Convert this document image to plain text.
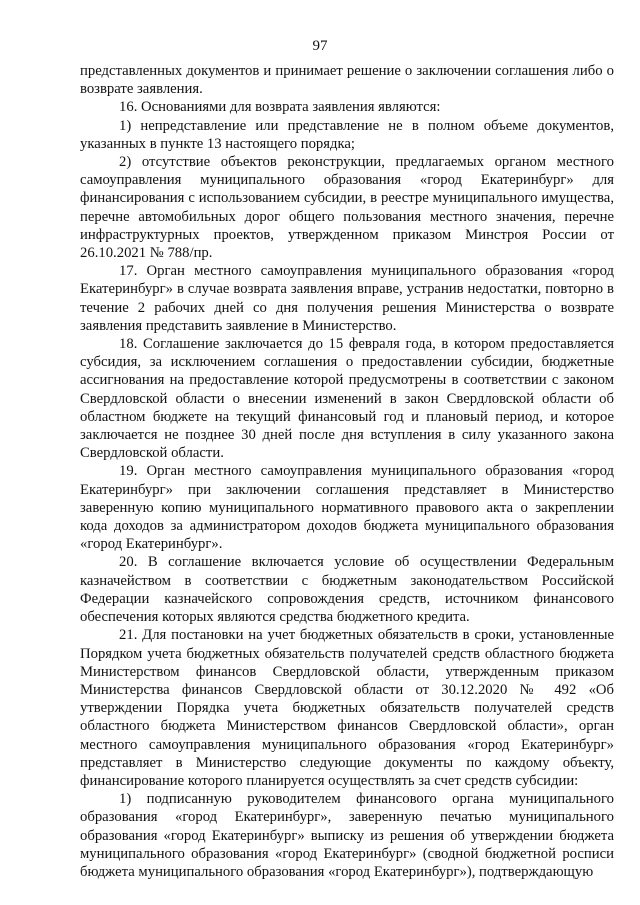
97

представленных документов и принимает решение о заключении соглашения либо о возврате заявления.

16. Основаниями для возврата заявления являются:

1) непредставление или представление не в полном объеме документов, указанных в пункте 13 настоящего порядка;

2) отсутствие объектов реконструкции, предлагаемых органом местного самоуправления муниципального образования «город Екатеринбург» для финансирования с использованием субсидии, в реестре муниципального имущества, перечне автомобильных дорог общего пользования местного значения, перечне инфраструктурных проектов, утвержденном приказом Минстроя России от 26.10.2021 № 788/пр.

17. Орган местного самоуправления муниципального образования «город Екатеринбург» в случае возврата заявления вправе, устранив недостатки, повторно в течение 2 рабочих дней со дня получения решения Министерства о возврате заявления представить заявление в Министерство.

18. Соглашение заключается до 15 февраля года, в котором предоставляется субсидия, за исключением соглашения о предоставлении субсидии, бюджетные ассигнования на предоставление которой предусмотрены в соответствии с законом Свердловской области о внесении изменений в закон Свердловской области об областном бюджете на текущий финансовый год и плановый период, и которое заключается не позднее 30 дней после дня вступления в силу указанного закона Свердловской области.

19. Орган местного самоуправления муниципального образования «город Екатеринбург» при заключении соглашения представляет в Министерство заверенную копию муниципального нормативного правового акта о закреплении кода доходов за администратором доходов бюджета муниципального образования «город Екатеринбург».

20. В соглашение включается условие об осуществлении Федеральным казначейством в соответствии с бюджетным законодательством Российской Федерации казначейского сопровождения средств, источником финансового обеспечения которых являются средства бюджетного кредита.

21. Для постановки на учет бюджетных обязательств в сроки, установленные Порядком учета бюджетных обязательств получателей средств областного бюджета Министерством финансов Свердловской области, утвержденным приказом Министерства финансов Свердловской области от 30.12.2020 № 492 «Об утверждении Порядка учета бюджетных обязательств получателей средств областного бюджета Министерством финансов Свердловской области», орган местного самоуправления муниципального образования «город Екатеринбург» представляет в Министерство следующие документы по каждому объекту, финансирование которого планируется осуществлять за счет средств субсидии:

1) подписанную руководителем финансового органа муниципального образования «город Екатеринбург», заверенную печатью муниципального образования «город Екатеринбург» выписку из решения об утверждении бюджета муниципального образования «город Екатеринбург» (сводной бюджетной росписи бюджета муниципального образования «город Екатеринбург»), подтверждающую
